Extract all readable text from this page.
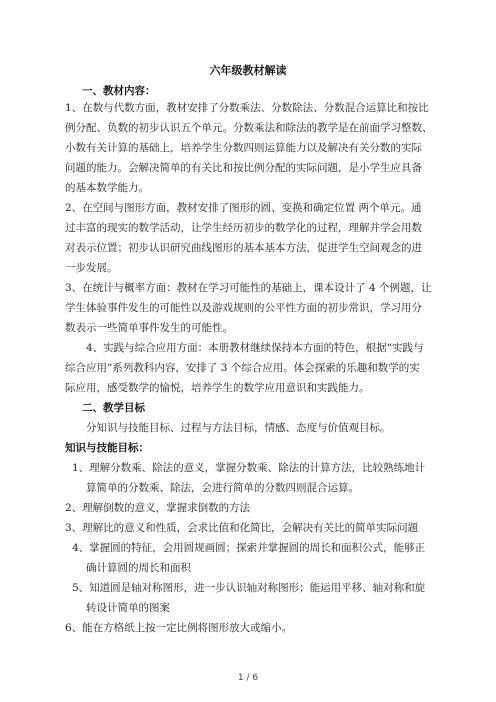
六年级教材解读
一、教材内容：
1、在数与代数方面，教材安排了分数乘法、分数除法、分数混合运算比和按比
例分配、负数的初步认识五个单元。分数乘法和除法的教学是在前面学习整数、
小数有关计算的基础上，培养学生分数四则运算能力以及解决有关分数的实际
问题的能力。会解决简单的有关比和按比例分配的实际问题，是小学生应具备
的基本数学能力。
2、在空间与图形方面，教材安排了图形的圆、变换和确定位置 两个单元。通
过丰富的现实的数学活动，让学生经历初步的数学化的过程，理解并学会用数
对表示位置；初步认识研究曲线图形的基本基本方法，促进学生空间观念的进
一步发展。
3、在统计与概率方面：教材在学习可能性的基础上，课本设计了 4 个例题，让
学生体验事件发生的可能性以及游戏规则的公平性方面的初步常识，学习用分
数表示一些简单事件发生的可能性。
4、实践与综合应用方面：本册教材继续保持本方面的特色，根据“实践与
综合应用”系列教科内容，安排了 3 个综合应用。体会探索的乐趣和数学的实
际应用，感受数学的愉悦，培养学生的数学应用意识和实践能力。
二、教学目标
分知识与技能目标、过程与方法目标，情感、态度与价值观目标。
知识与技能目标：
1、理解分数乘、除法的意义，掌握分数乘、除法的计算方法，比较熟练地计
算简单的分数乘、除法，会进行简单的分数四则混合运算。
2、理解倒数的意义，掌握求倒数的方法
3、理解比的意义和性质，会求比值和化简比，会解决有关比的简单实际问题
4、掌握圆的特征，会用圆规画圆；探索并掌握圆的周长和面积公式，能够正
确计算圆的周长和面积
5、知道圆是轴对称图形，进一步认识轴对称图形；能运用平移、轴对称和旋
转设计简单的图案
6、能在方格纸上按一定比例将图形放大或缩小。
1 / 6
